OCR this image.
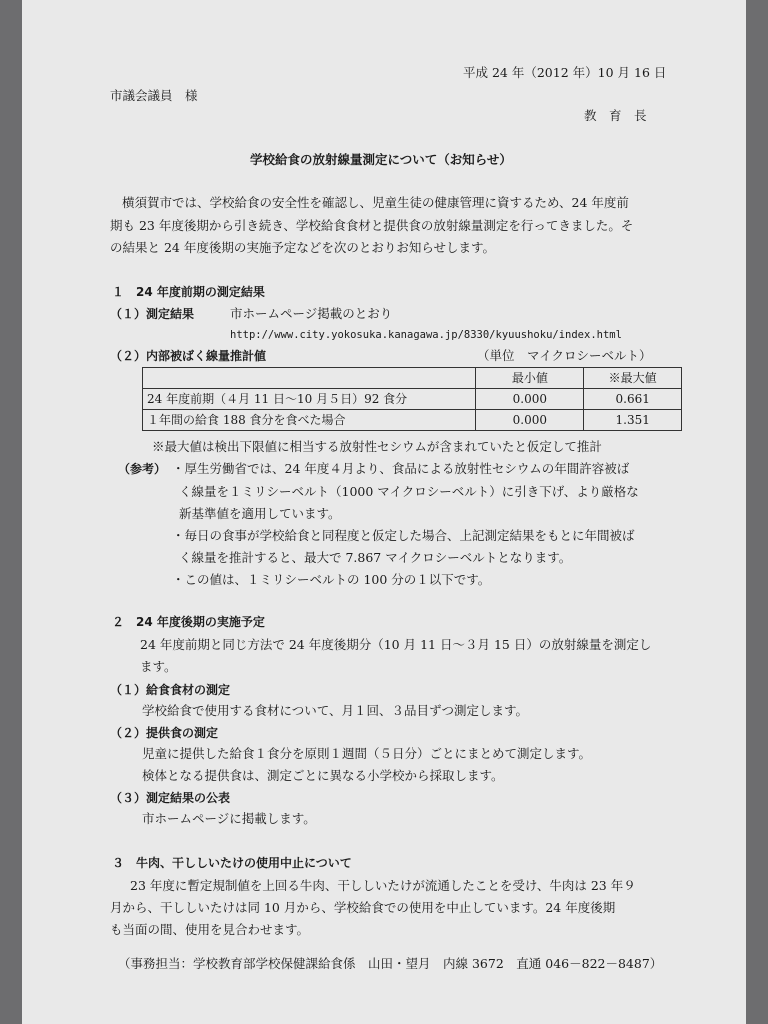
平成 24 年（2012 年）10 月 16 日
市議会議員　様
教　育　長
学校給食の放射線量測定について（お知らせ）
横須賀市では、学校給食の安全性を確認し、児童生徒の健康管理に資するため、24 年度前
期も 23 年度後期から引き続き、学校給食食材と提供食の放射線量測定を行ってきました。そ
の結果と 24 年度後期の実施予定などを次のとおりお知らせします。
１　24 年度前期の測定結果
（１）測定結果	市ホームページ掲載のとおり
http://www.city.yokosuka.kanagawa.jp/8330/kyuushoku/index.html
（２）内部被ばく線量推計値	（単位　マイクロシーベルト）
	最小値	※最大値
24 年度前期（４月 11 日～10 月５日）92 食分	0.000	0.661
１年間の給食 188 食分を食べた場合	0.000	1.351
※最大値は検出下限値に相当する放射性セシウムが含まれていたと仮定して推計
（参考） ・厚生労働省では、24 年度４月より、食品による放射性セシウムの年間許容被ば
く線量を１ミリシーベルト（1000 マイクロシーベルト）に引き下げ、より厳格な
新基準値を適用しています。
・毎日の食事が学校給食と同程度と仮定した場合、上記測定結果をもとに年間被ば
く線量を推計すると、最大で 7.867 マイクロシーベルトとなります。
・この値は、１ミリシーベルトの 100 分の１以下です。
２　24 年度後期の実施予定
24 年度前期と同じ方法で 24 年度後期分（10 月 11 日～３月 15 日）の放射線量を測定し
ます。
（１）給食食材の測定
学校給食で使用する食材について、月１回、３品目ずつ測定します。
（２）提供食の測定
児童に提供した給食１食分を原則１週間（５日分）ごとにまとめて測定します。
検体となる提供食は、測定ごとに異なる小学校から採取します。
（３）測定結果の公表
市ホームページに掲載します。
３　牛肉、干ししいたけの使用中止について
23 年度に暫定規制値を上回る牛肉、干ししいたけが流通したことを受け、牛肉は 23 年９
月から、干ししいたけは同 10 月から、学校給食での使用を中止しています。24 年度後期
も当面の間、使用を見合わせます。
（事務担当：学校教育部学校保健課給食係　山田・望月　内線 3672　直通 046－822－8487）
